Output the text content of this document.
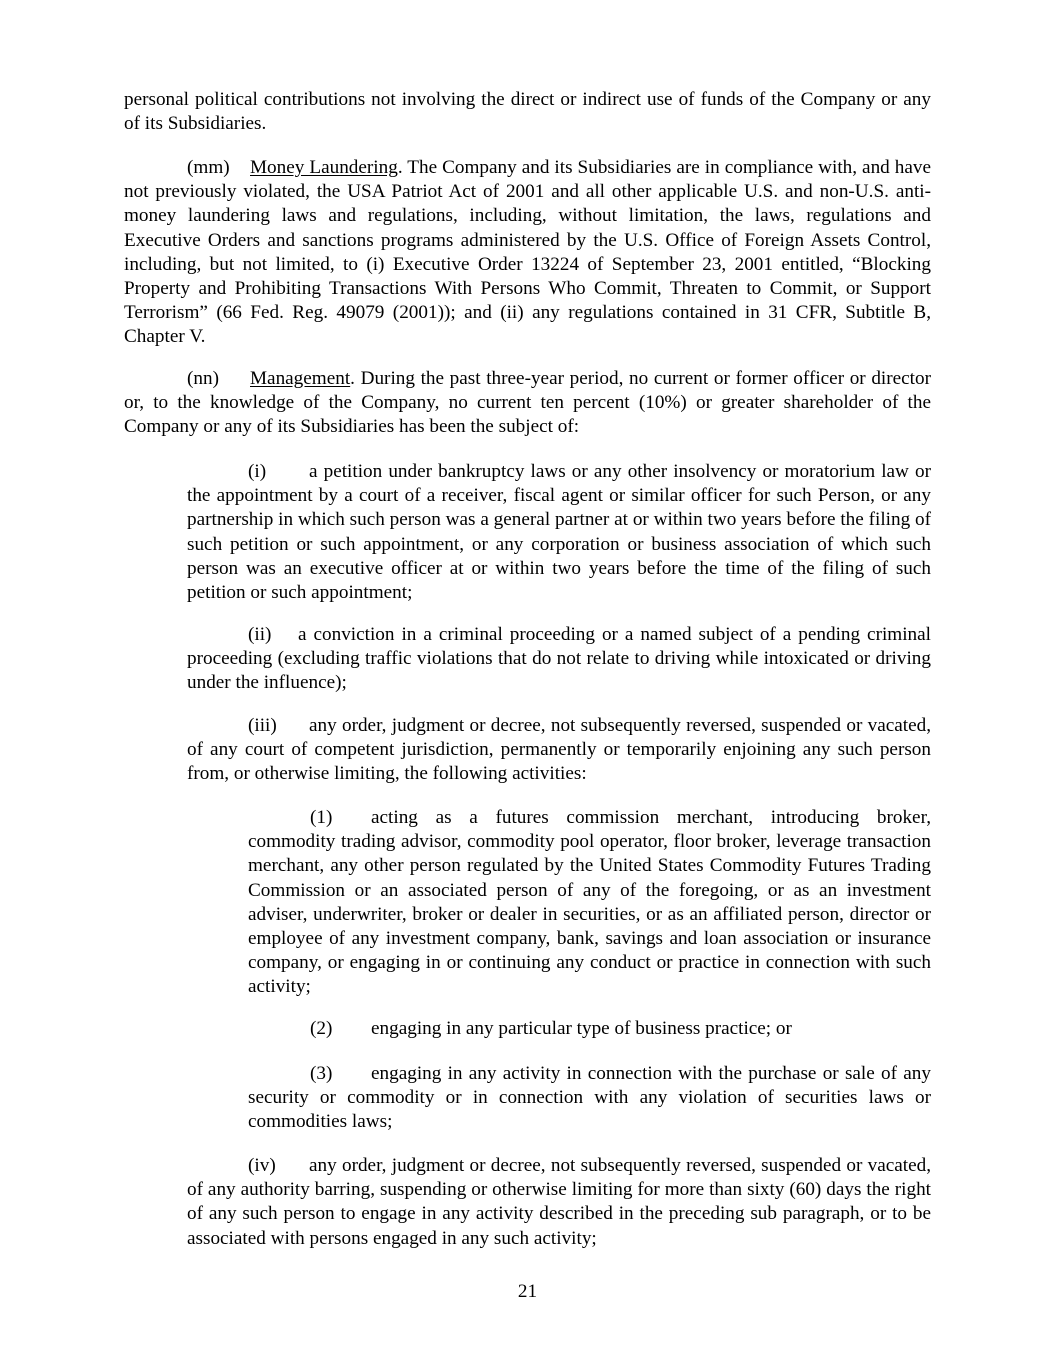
personal political contributions not involving the direct or indirect use of funds of the Company or any of its Subsidiaries.

(mm) Money Laundering. The Company and its Subsidiaries are in compliance with, and have not previously violated, the USA Patriot Act of 2001 and all other applicable U.S. and non-U.S. anti-money laundering laws and regulations, including, without limitation, the laws, regulations and Executive Orders and sanctions programs administered by the U.S. Office of Foreign Assets Control, including, but not limited, to (i) Executive Order 13224 of September 23, 2001 entitled, “Blocking Property and Prohibiting Transactions With Persons Who Commit, Threaten to Commit, or Support Terrorism” (66 Fed. Reg. 49079 (2001)); and (ii) any regulations contained in 31 CFR, Subtitle B, Chapter V.

(nn) Management. During the past three-year period, no current or former officer or director or, to the knowledge of the Company, no current ten percent (10%) or greater shareholder of the Company or any of its Subsidiaries has been the subject of:

(i) a petition under bankruptcy laws or any other insolvency or moratorium law or the appointment by a court of a receiver, fiscal agent or similar officer for such Person, or any partnership in which such person was a general partner at or within two years before the filing of such petition or such appointment, or any corporation or business association of which such person was an executive officer at or within two years before the time of the filing of such petition or such appointment;

(ii) a conviction in a criminal proceeding or a named subject of a pending criminal proceeding (excluding traffic violations that do not relate to driving while intoxicated or driving under the influence);

(iii) any order, judgment or decree, not subsequently reversed, suspended or vacated, of any court of competent jurisdiction, permanently or temporarily enjoining any such person from, or otherwise limiting, the following activities:

(1) acting as a futures commission merchant, introducing broker, commodity trading advisor, commodity pool operator, floor broker, leverage transaction merchant, any other person regulated by the United States Commodity Futures Trading Commission or an associated person of any of the foregoing, or as an investment adviser, underwriter, broker or dealer in securities, or as an affiliated person, director or employee of any investment company, bank, savings and loan association or insurance company, or engaging in or continuing any conduct or practice in connection with such activity;

(2) engaging in any particular type of business practice; or

(3) engaging in any activity in connection with the purchase or sale of any security or commodity or in connection with any violation of securities laws or commodities laws;

(iv) any order, judgment or decree, not subsequently reversed, suspended or vacated, of any authority barring, suspending or otherwise limiting for more than sixty (60) days the right of any such person to engage in any activity described in the preceding sub paragraph, or to be associated with persons engaged in any such activity;

21
